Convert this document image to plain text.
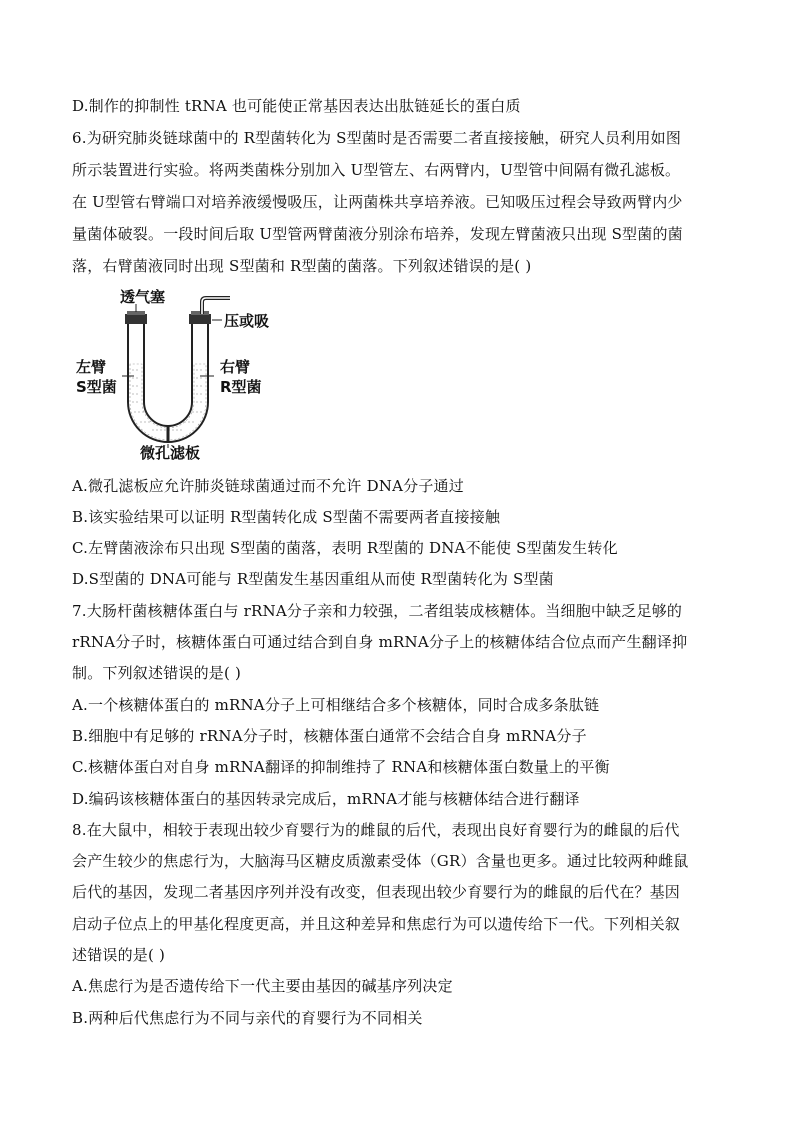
D.制作的抑制性 tRNA 也可能使正常基因表达出肽链延长的蛋白质
6.为研究肺炎链球菌中的 R型菌转化为 S型菌时是否需要二者直接接触，研究人员利用如图
所示装置进行实验。将两类菌株分别加入 U型管左、右两臂内，U型管中间隔有微孔滤板。
在 U型管右臂端口对培养液缓慢吸压，让两菌株共享培养液。已知吸压过程会导致两臂内少
量菌体破裂。一段时间后取 U型管两臂菌液分别涂布培养，发现左臂菌液只出现 S型菌的菌
落，右臂菌液同时出现 S型菌和 R型菌的菌落。下列叙述错误的是( )
透气塞
压或吸
左臂
S型菌
右臂
R型菌
微孔滤板
A.微孔滤板应允许肺炎链球菌通过而不允许 DNA分子通过
B.该实验结果可以证明 R型菌转化成 S型菌不需要两者直接接触
C.左臂菌液涂布只出现 S型菌的菌落，表明 R型菌的 DNA不能使 S型菌发生转化
D.S型菌的 DNA可能与 R型菌发生基因重组从而使 R型菌转化为 S型菌
7.大肠杆菌核糖体蛋白与 rRNA分子亲和力较强，二者组装成核糖体。当细胞中缺乏足够的
rRNA分子时，核糖体蛋白可通过结合到自身 mRNA分子上的核糖体结合位点而产生翻译抑
制。下列叙述错误的是( )
A.一个核糖体蛋白的 mRNA分子上可相继结合多个核糖体，同时合成多条肽链
B.细胞中有足够的 rRNA分子时，核糖体蛋白通常不会结合自身 mRNA分子
C.核糖体蛋白对自身 mRNA翻译的抑制维持了 RNA和核糖体蛋白数量上的平衡
D.编码该核糖体蛋白的基因转录完成后，mRNA才能与核糖体结合进行翻译
8.在大鼠中，相较于表现出较少育婴行为的雌鼠的后代，表现出良好育婴行为的雌鼠的后代
会产生较少的焦虑行为，大脑海马区糖皮质激素受体（GR）含量也更多。通过比较两种雌鼠
后代的基因，发现二者基因序列并没有改变，但表现出较少育婴行为的雌鼠的后代在？基因
启动子位点上的甲基化程度更高，并且这种差异和焦虑行为可以遗传给下一代。下列相关叙
述错误的是( )
A.焦虑行为是否遗传给下一代主要由基因的碱基序列决定
B.两种后代焦虑行为不同与亲代的育婴行为不同相关
